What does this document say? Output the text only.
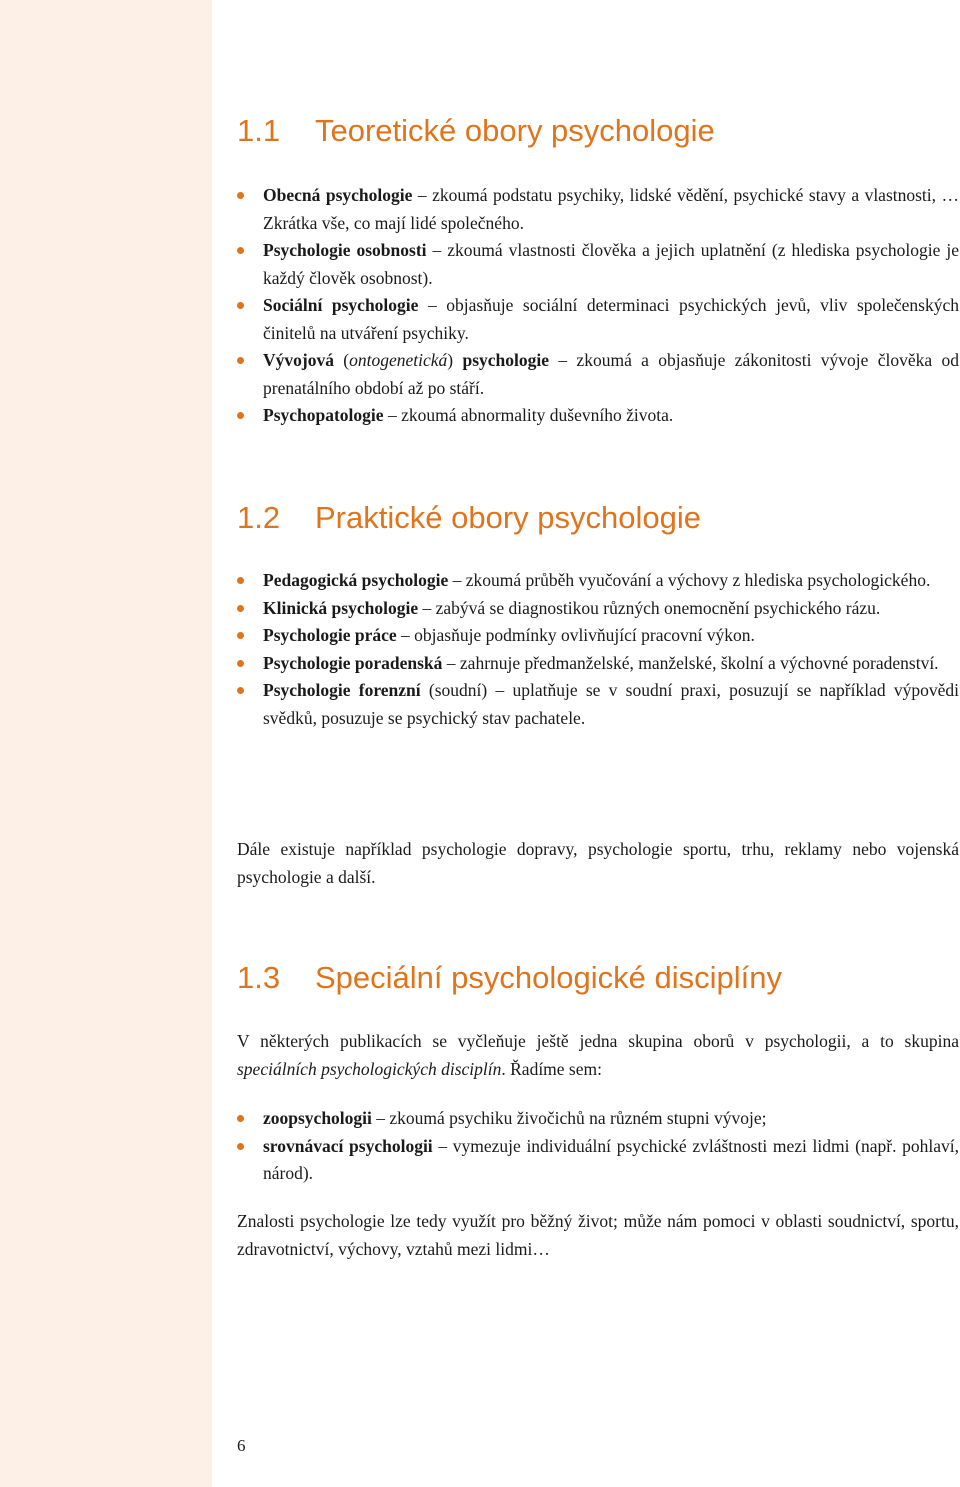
1.1 Teoretické obory psychologie
Obecná psychologie – zkoumá podstatu psychiky, lidské vědění, psychické stavy a vlastnosti, … Zkrátka vše, co mají lidé společného.
Psychologie osobnosti – zkoumá vlastnosti člověka a jejich uplatnění (z hlediska psychologie je každý člověk osobnost).
Sociální psychologie – objasňuje sociální determinaci psychických jevů, vliv společenských činitelů na utváření psychiky.
Vývojová (ontogenetická) psychologie – zkoumá a objasňuje zákonitosti vývoje člověka od prenatálního období až po stáří.
Psychopatologie – zkoumá abnormality duševního života.
1.2 Praktické obory psychologie
Pedagogická psychologie – zkoumá průběh vyučování a výchovy z hlediska psychologického.
Klinická psychologie – zabývá se diagnostikou různých onemocnění psychického rázu.
Psychologie práce – objasňuje podmínky ovlivňující pracovní výkon.
Psychologie poradenská – zahrnuje předmanželské, manželské, školní a výchovné poradenství.
Psychologie forenzní (soudní) – uplatňuje se v soudní praxi, posuzují se například výpovědi svědků, posuzuje se psychický stav pachatele.

Dále existuje například psychologie dopravy, psychologie sportu, trhu, reklamy nebo vojenská psychologie a další.

1.3 Speciální psychologické disciplíny

V některých publikacích se vyčleňuje ještě jedna skupina oborů v psychologii, a to skupina speciálních psychologických disciplín. Řadíme sem:

zoopsychologii – zkoumá psychiku živočichů na různém stupni vývoje;
srovnávací psychologii – vymezuje individuální psychické zvláštnosti mezi lidmi (např. pohlaví, národ).

Znalosti psychologie lze tedy využít pro běžný život; může nám pomoci v oblasti soudnictví, sportu, zdravotnictví, výchovy, vztahů mezi lidmi…

6
